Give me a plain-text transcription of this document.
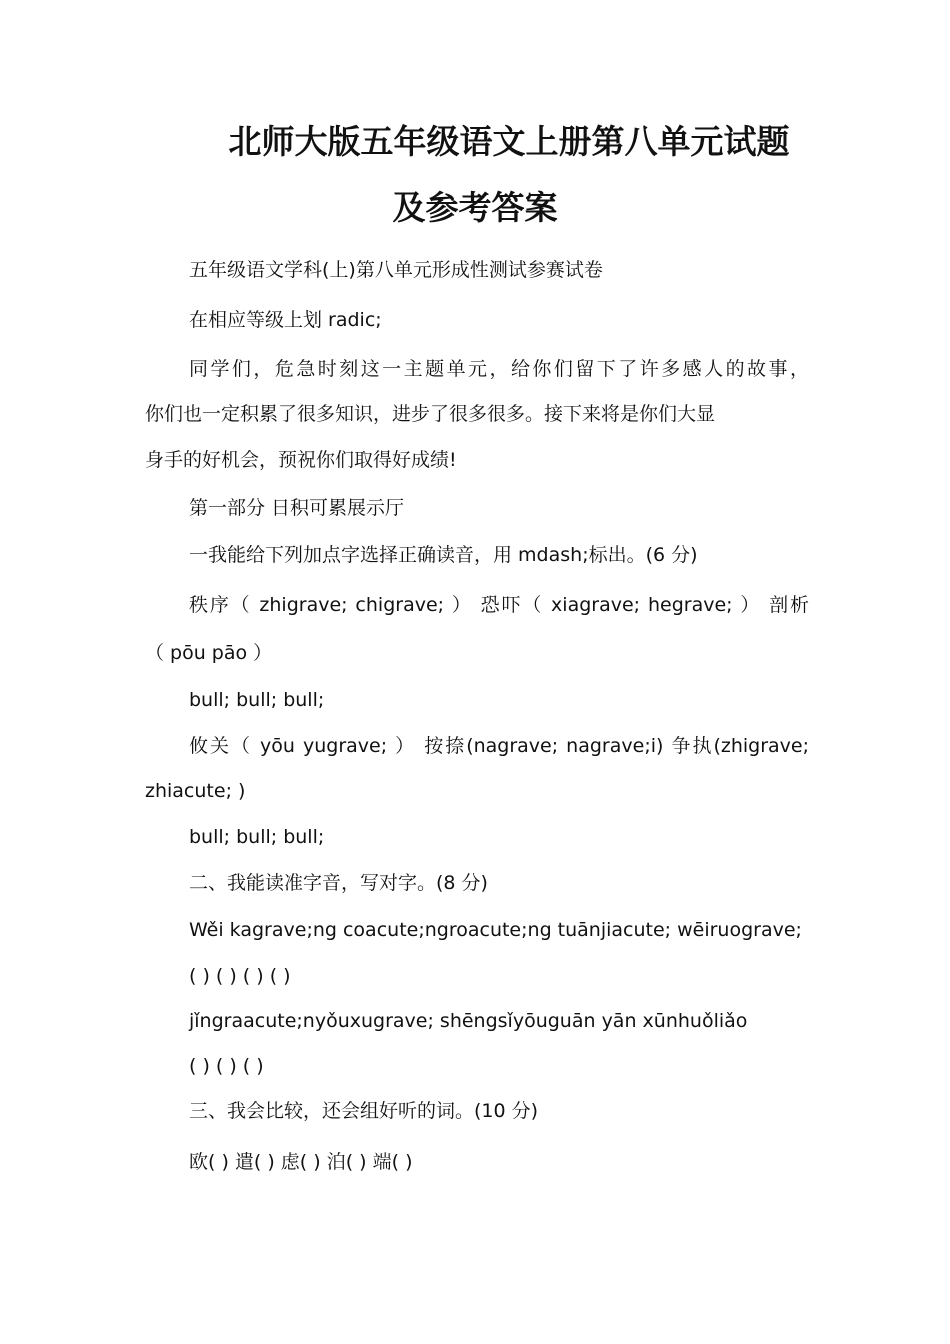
北师大版五年级语文上册第八单元试题
及参考答案

五年级语文学科(上)第八单元形成性测试参赛试卷

在相应等级上划 radic;

同学们，危急时刻这一主题单元，给你们留下了许多感人的故事，

你们也一定积累了很多知识，进步了很多很多。接下来将是你们大显

身手的好机会，预祝你们取得好成绩!

第一部分 日积可累展示厅

一我能给下列加点字选择正确读音，用 mdash;标出。(6 分)

秩序（ zhigrave; chigrave; ） 恐吓（ xiagrave; hegrave; ） 剖析

（ pōu pāo ）

bull; bull; bull;

攸关（ yōu yugrave; ） 按捺(nagrave; nagrave;i) 争执(zhigrave;

zhiacute; )

bull; bull; bull;

二、我能读准字音，写对字。(8 分)

Wěi kagrave;ng coacute;ngroacute;ng tuānjiacute; wēiruograve;

( ) ( ) ( ) ( )

jǐngraacute;nyǒuxugrave; shēngsǐyōuguān yān xūnhuǒliǎo

( ) ( ) ( )

三、我会比较，还会组好听的词。(10 分)

欧( ) 遣( ) 虑( ) 泊( ) 端( )
